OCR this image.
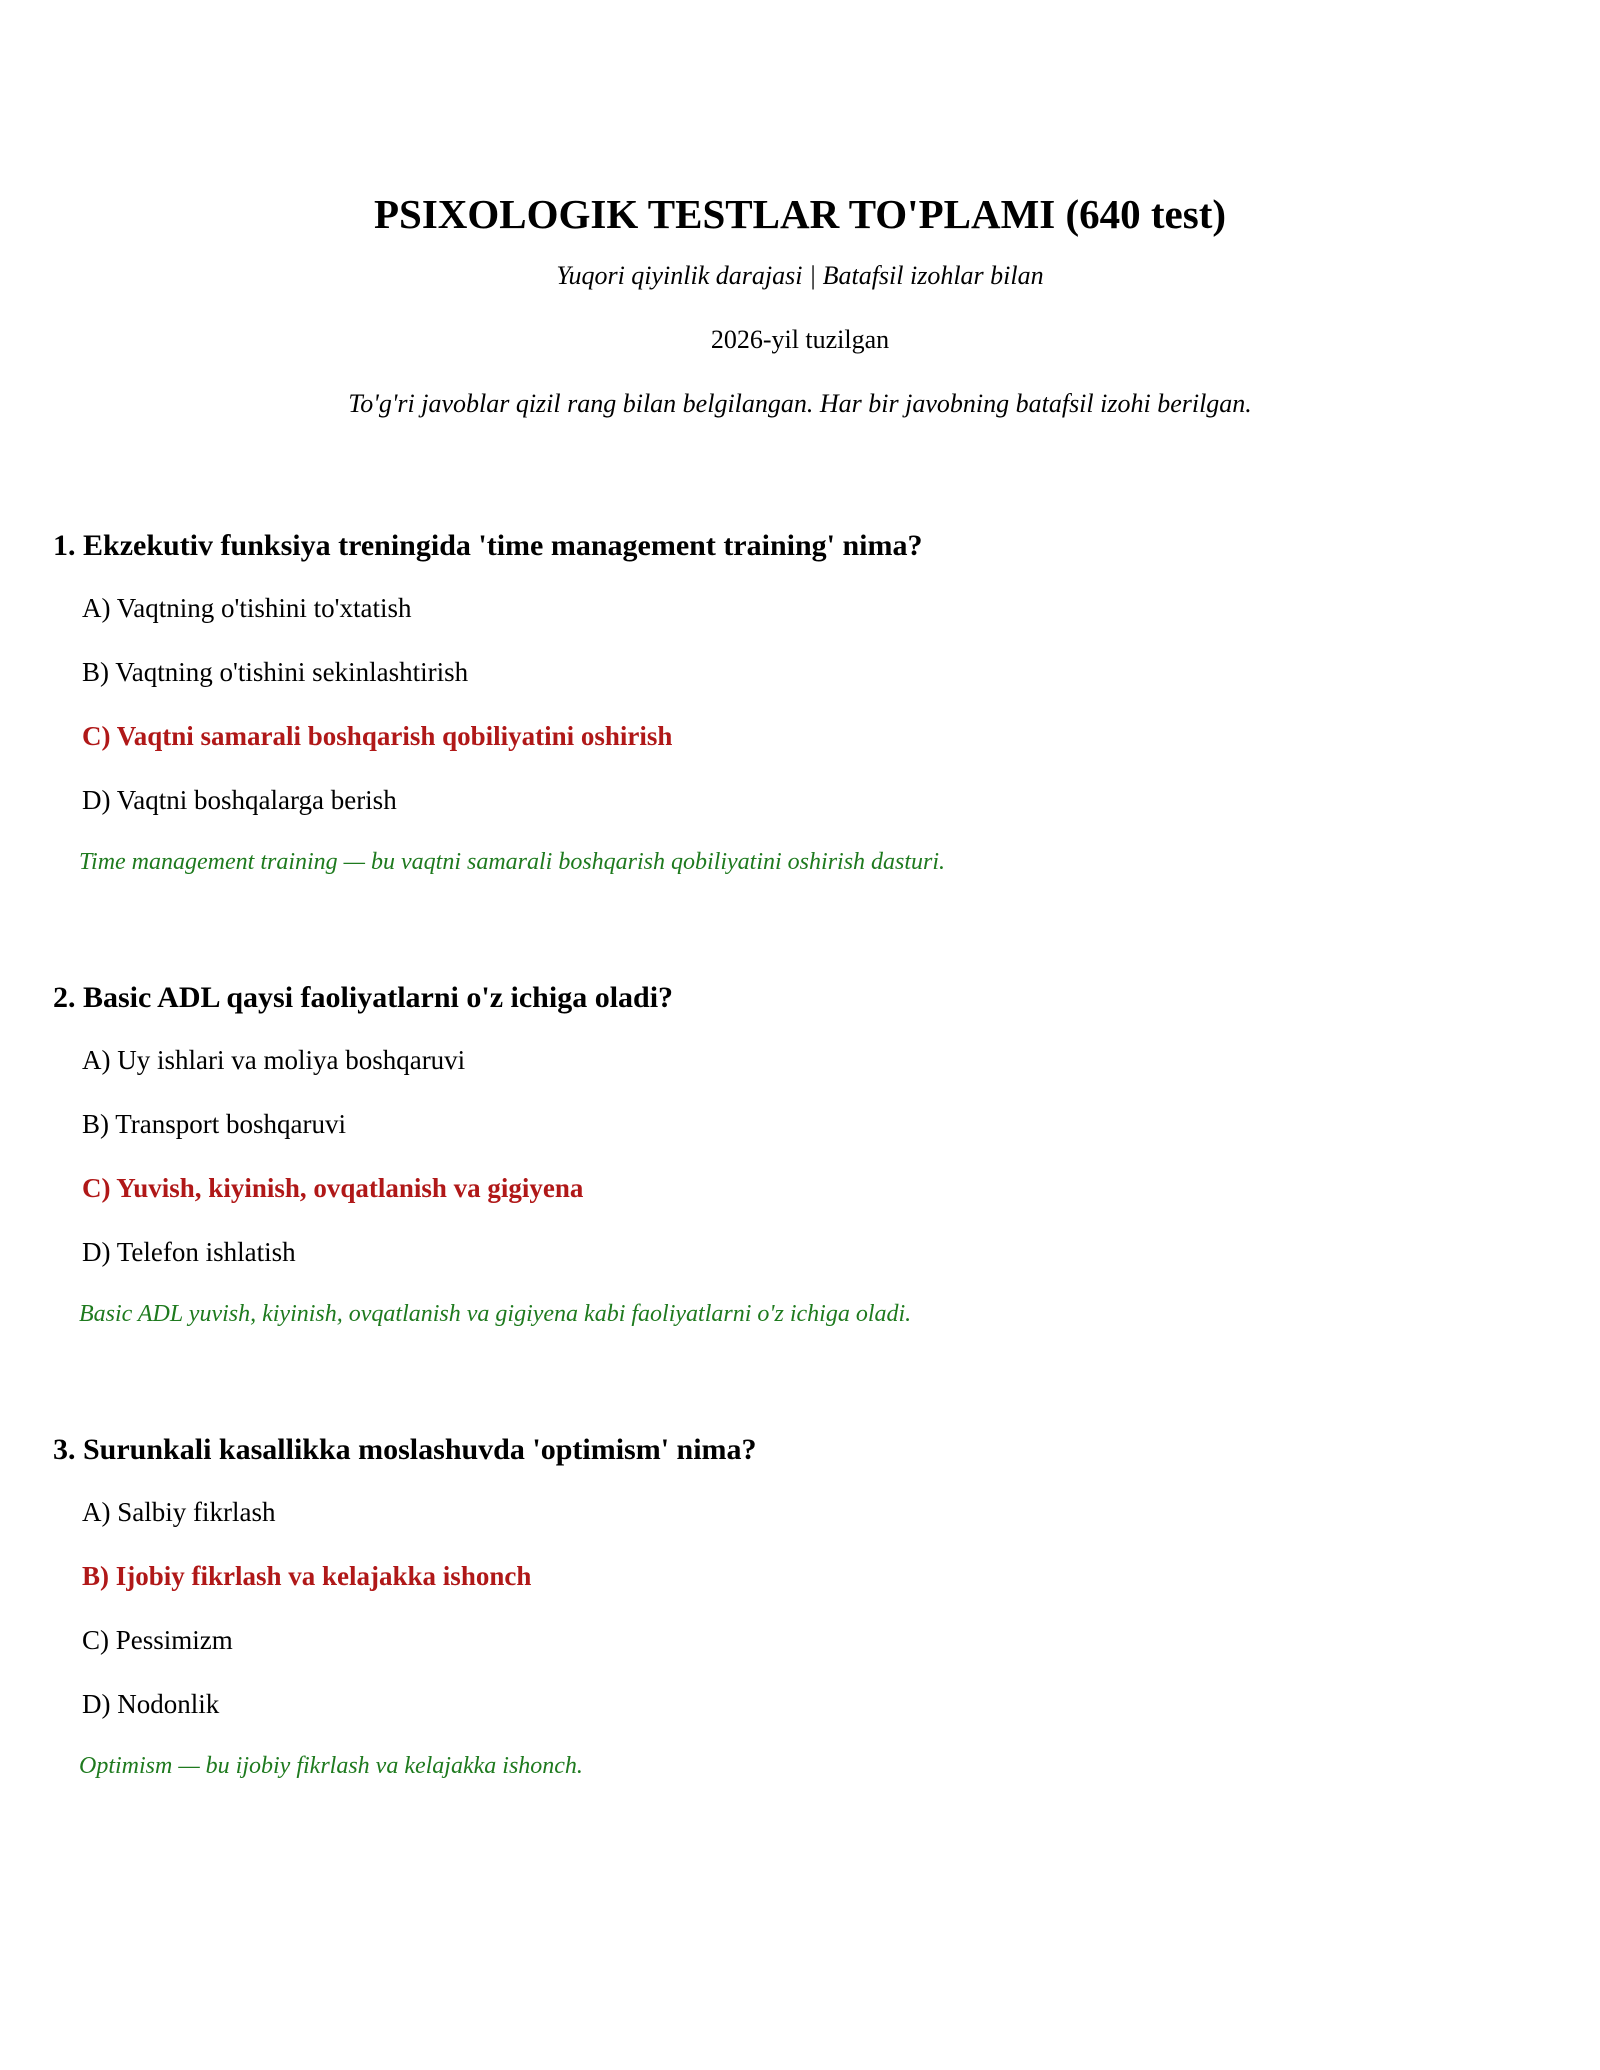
PSIXOLOGIK TESTLAR TO'PLAMI (640 test)
Yuqori qiyinlik darajasi | Batafsil izohlar bilan
2026-yil tuzilgan
To'g'ri javoblar qizil rang bilan belgilangan. Har bir javobning batafsil izohi berilgan.
1. Ekzekutiv funksiya treningida 'time management training' nima?
A) Vaqtning o'tishini to'xtatish
B) Vaqtning o'tishini sekinlashtirish
C) Vaqtni samarali boshqarish qobiliyatini oshirish
D) Vaqtni boshqalarga berish
Time management training — bu vaqtni samarali boshqarish qobiliyatini oshirish dasturi.
2. Basic ADL qaysi faoliyatlarni o'z ichiga oladi?
A) Uy ishlari va moliya boshqaruvi
B) Transport boshqaruvi
C) Yuvish, kiyinish, ovqatlanish va gigiyena
D) Telefon ishlatish
Basic ADL yuvish, kiyinish, ovqatlanish va gigiyena kabi faoliyatlarni o'z ichiga oladi.
3. Surunkali kasallikka moslashuvda 'optimism' nima?
A) Salbiy fikrlash
B) Ijobiy fikrlash va kelajakka ishonch
C) Pessimizm
D) Nodonlik
Optimism — bu ijobiy fikrlash va kelajakka ishonch.
